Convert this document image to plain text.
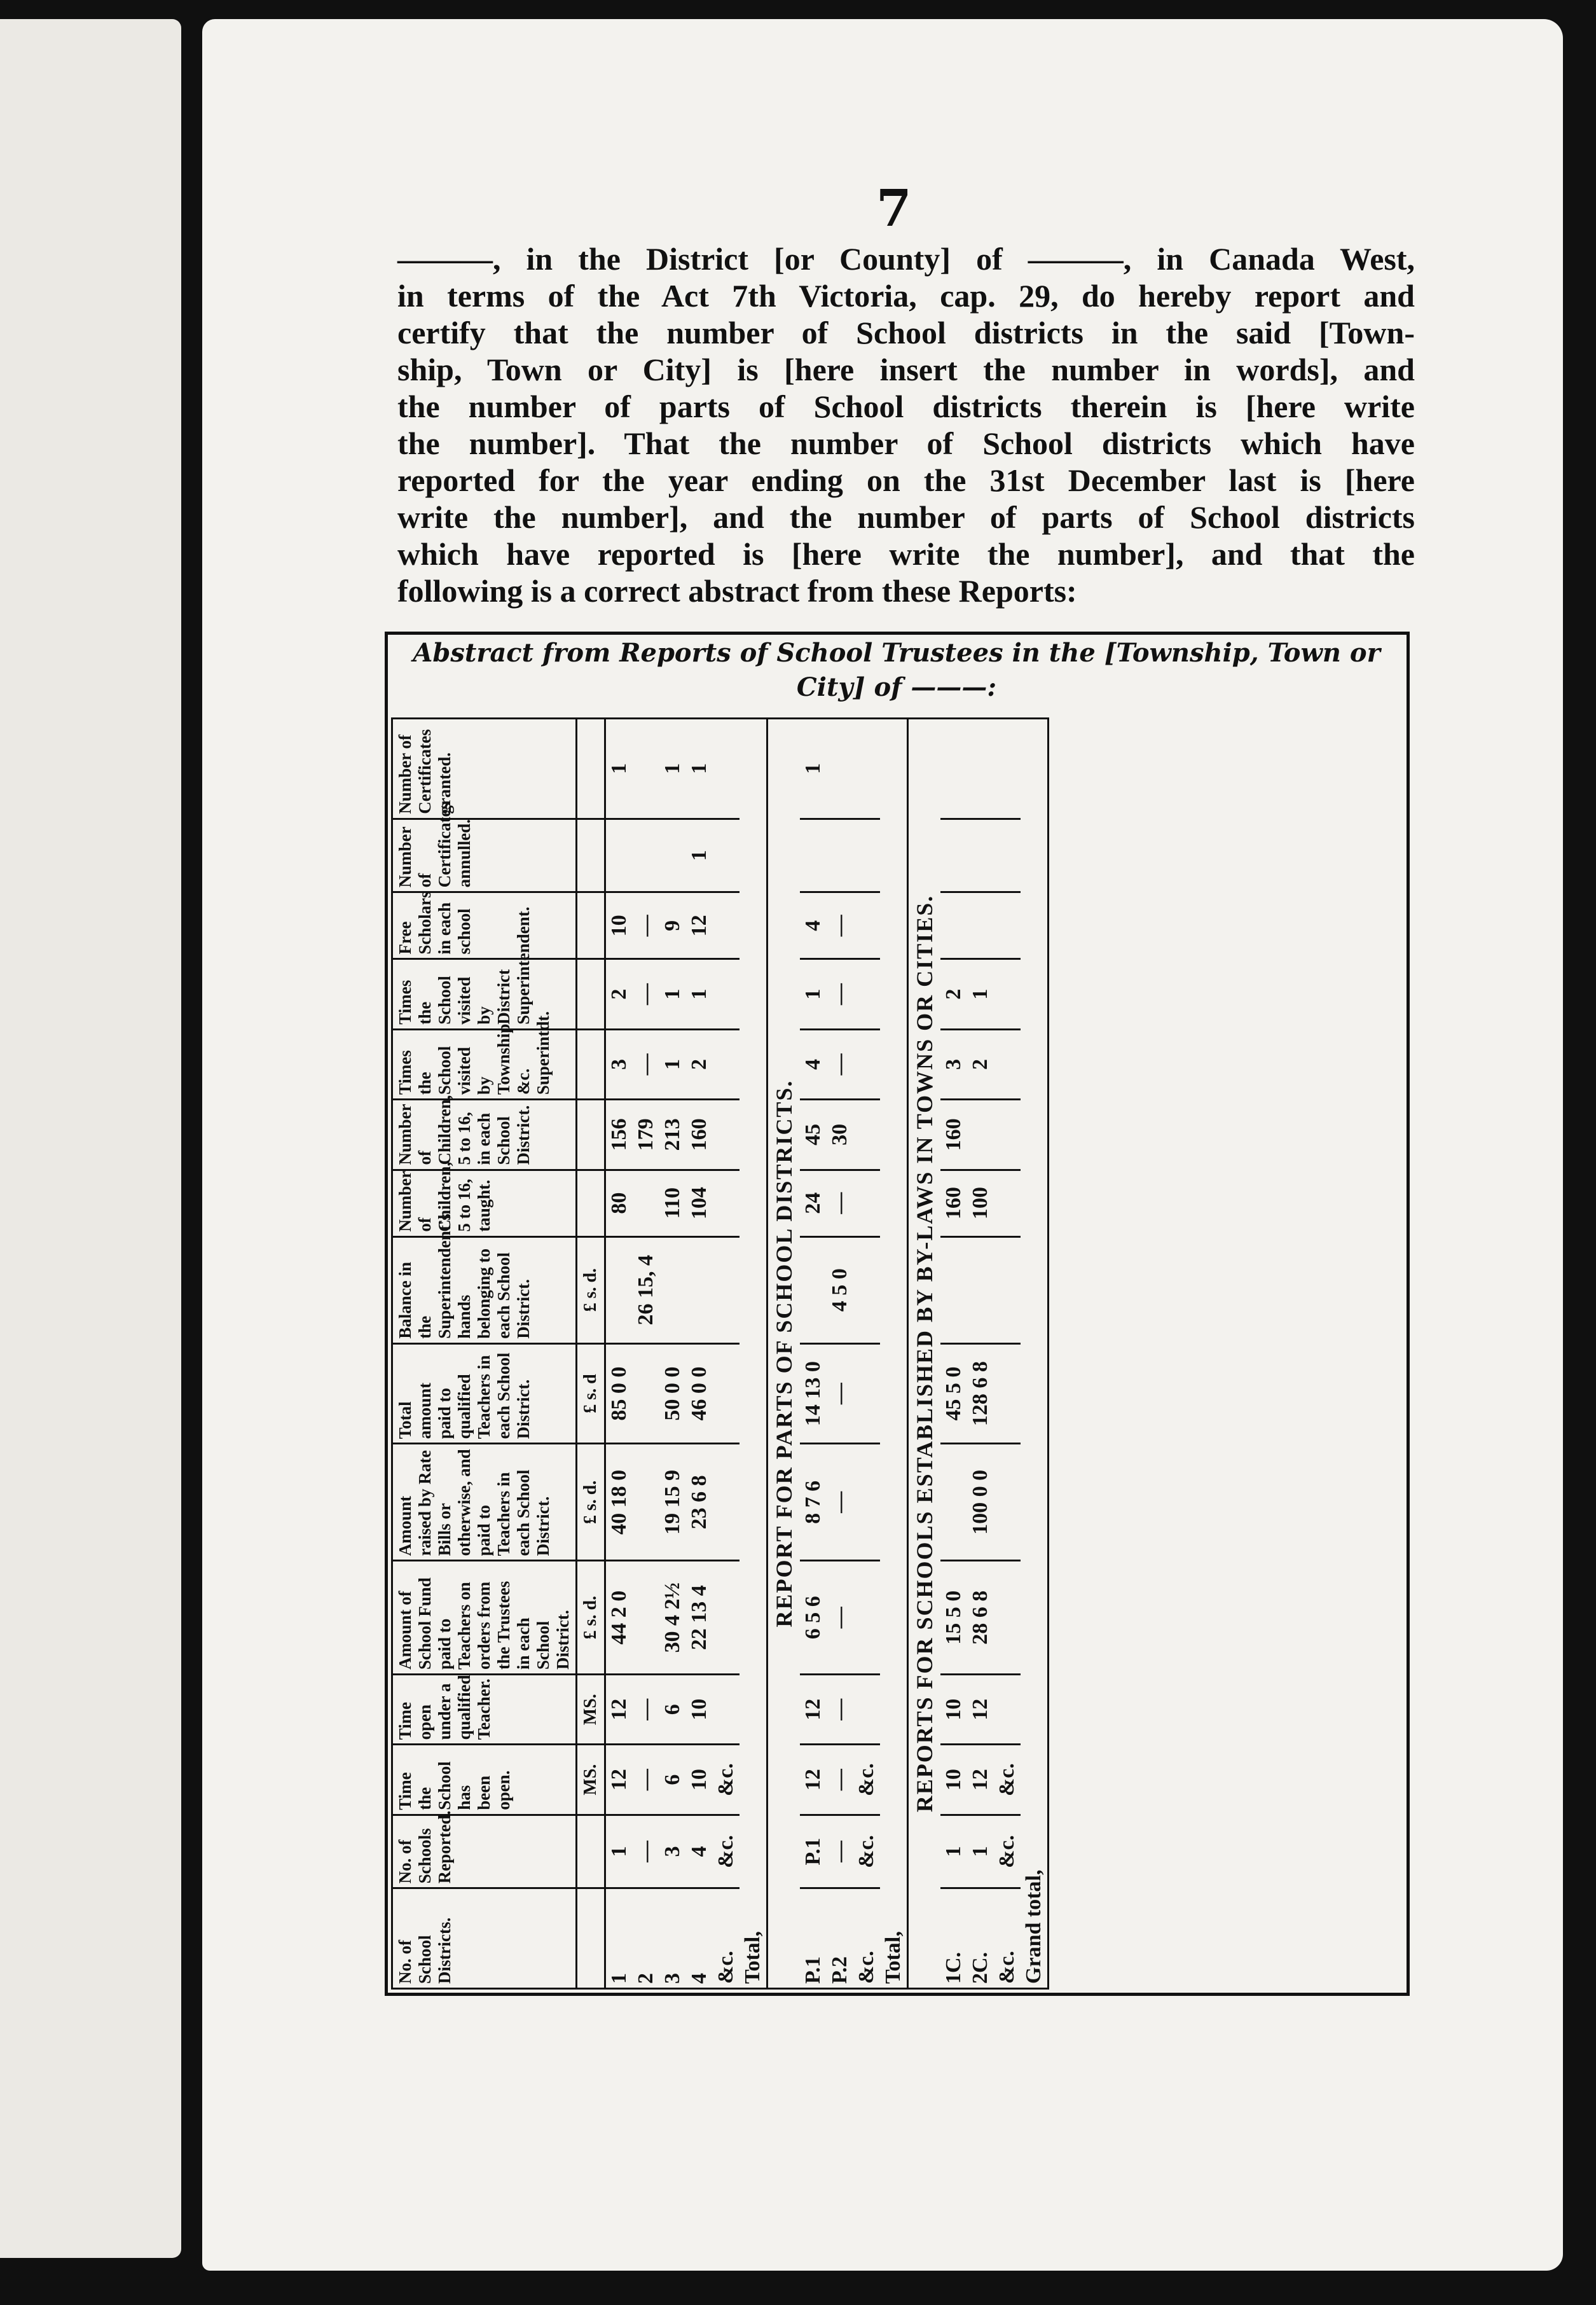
7
———, in the District [or County] of ———, in Canada West,
in terms of the Act 7th Victoria, cap. 29, do hereby report and
certify that the number of School districts in the said [Town-
ship, Town or City] is [here insert the number in words], and
the number of parts of School districts therein is [here write
the number]. That the number of School districts which have
reported for the year ending on the 31st December last is [here
write the number], and the number of parts of School districts
which have reported is [here write the number], and that the
following is a correct abstract from these Reports:
Abstract from Reports of School Trustees in the [Township, Town or City] of ———:
No. of School Districts.	No. of Schools Reported.	Time the School has been open.	Time open under a qualified Teacher.	Amount of School Fund paid to Teachers on orders from the Trustees in each School District.	Amount raised by Rate Bills or otherwise, and paid to Teachers in each School District.	Total amount paid to qualified Teachers in each School District.	Balance in the Superintendent's hands belonging to each School District.	Number of Children, 5 to 16, taught.	Number of Children, 5 to 16, in each School District.	Times the School visited by Township &c. Superintdt.	Times the School visited by District Superintendent.	Free Scholars in each school	Number of Certificates annulled.	Number of Certificates granted.
		MS.	MS.	£ s. d.	£ s. d.	£ s. d	£ s. d.							
1	1	12	12	44 2 0	40 18 0	85 0 0		80	156	3	2	10		1
2	—	—	—				26 15, 4		179	—	—	—		
3	3	6	6	30 4 2½	19 15 9	50 0 0		110	213	1	1	9		1
4	4	10	10	22 13 4	23 6 8	46 0 0		104	160	2	1	12	1	1
&c.	&c.	&c.												
Total,														
REPORT FOR PARTS OF SCHOOL DISTRICTS.														
P.1	P.1	12	12	6 5 6	8 7 6	14 13 0		24	45	4	1	4		1
P.2	—	—	—	—	—	—	4 5 0	—	30	—	—	—		
&c.	&c.	&c.												
Total,														
REPORTS FOR SCHOOLS ESTABLISHED BY BY-LAWS IN TOWNS OR CITIES.														
1C.	1	10	10	15 5 0		45 5 0		160	160	3	2			
2C.	1	12	12	28 6 8	100 0 0	128 6 8		100		2	1			
&c.	&c.	&c.												
Grand total,														
